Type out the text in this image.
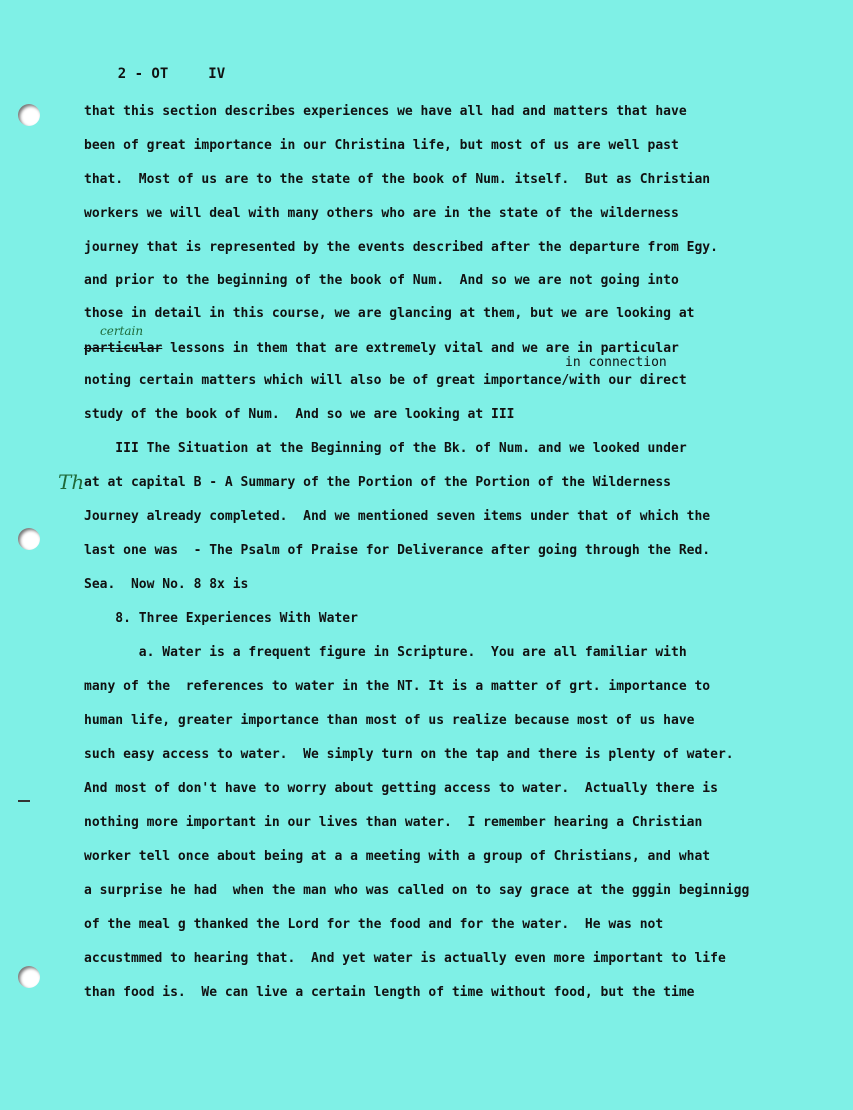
2 - OT	IV

that this section describes experiences we have all had and matters that have
been of great importance in our Christina life, but most of us are well past
that.  Most of us are to the state of the book of Num. itself.  But as Christian
workers we will deal with many others who are in the state of the wilderness
journey that is represented by the events described after the departure from Egy.
and prior to the beginning of the book of Num.  And so we are not going into
those in detail in this course, we are glancing at them, but we are looking at
certain
particular lessons in them that are extremely vital and we are in particular
in connection
noting certain matters which will also be of great importance/with our direct
study of the book of Num.  And so we are looking at III
III The Situation at the Beginning of the Bk. of Num. and we looked under
Th at at capital B - A Summary of the Portion of the Portion of the Wilderness
Journey already completed.  And we mentioned seven items under that of which the
last one was  - The Psalm of Praise for Deliverance after going through the Red.
Sea.  Now No. 8 8x is
8. Three Experiences With Water
a. Water is a frequent figure in Scripture.  You are all familiar with
many of the  references to water in the NT. It is a matter of grt. importance to
human life, greater importance than most of us realize because most of us have
such easy access to water.  We simply turn on the tap and there is plenty of water.
And most of don't have to worry about getting access to water.  Actually there is
nothing more important in our lives than water.  I remember hearing a Christian
worker tell once about being at a a meeting with a group of Christians, and what
a surprise he had  when the man who was called on to say grace at the gggin beginnigg
of the meal g thanked the Lord for the food and for the water.  He was not
accustmmed to hearing that.  And yet water is actually even more important to life
than food is.  We can live a certain length of time without food, but the time
